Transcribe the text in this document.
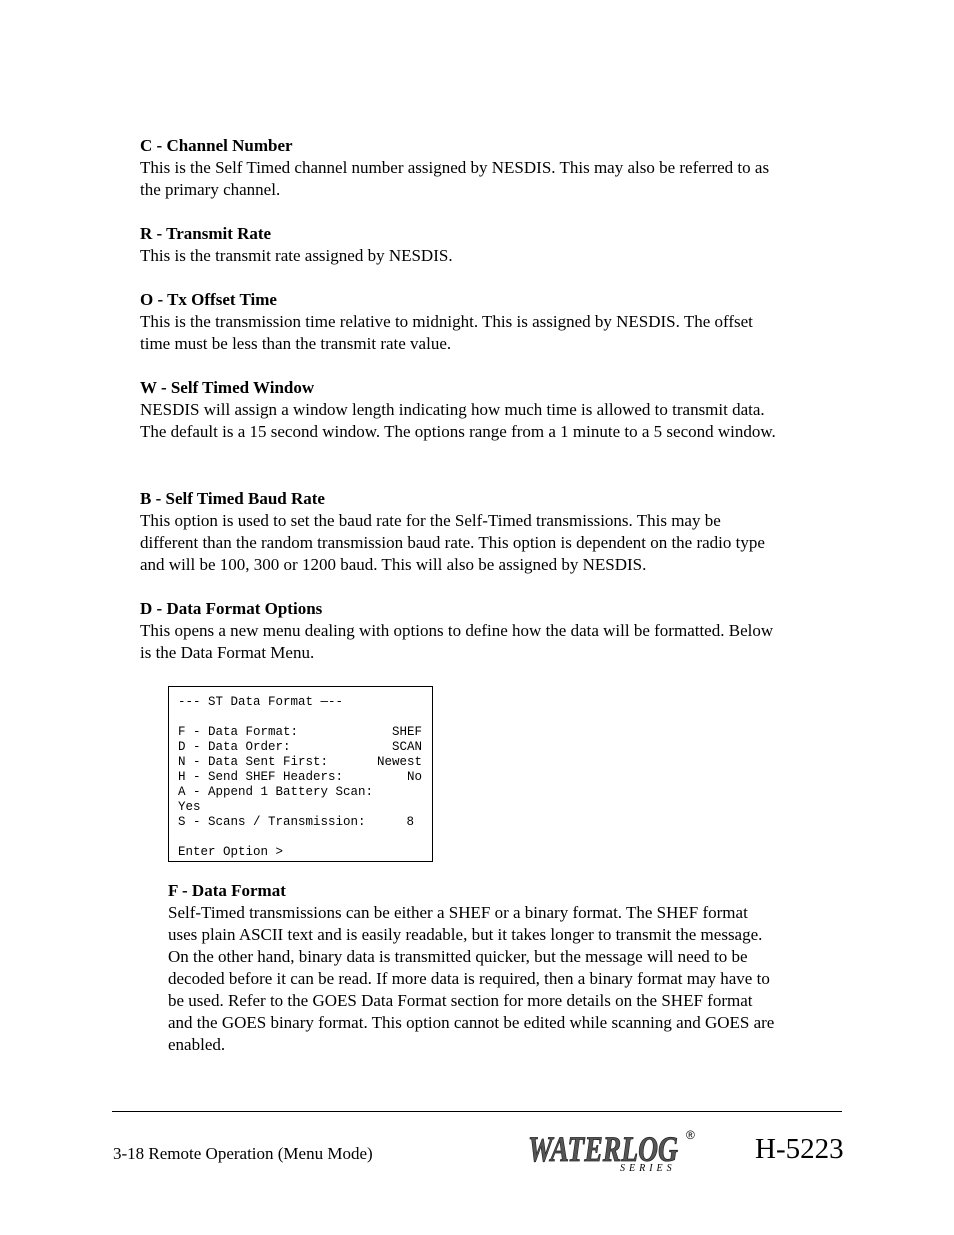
C - Channel Number

This is the Self Timed channel number assigned by NESDIS. This may also be referred to as

the primary channel.

R - Transmit Rate

This is the transmit rate assigned by NESDIS.

O - Tx Offset Time

This is the transmission time relative to midnight. This is assigned by NESDIS. The offset

time must be less than the transmit rate value.

W - Self Timed Window

NESDIS will assign a window length indicating how much time is allowed to transmit data.

The default is a 15 second window. The options range from a 1 minute to a 5 second window.

B - Self Timed Baud Rate

This option is used to set the baud rate for the Self-Timed transmissions. This may be

different than the random transmission baud rate. This option is dependent on the radio type

and will be 100, 300 or 1200 baud. This will also be assigned by NESDIS.

D - Data Format Options

This opens a new menu dealing with options to define how the data will be formatted. Below

is the Data Format Menu.

--- ST Data Format —--
F - Data Format:	SHEF
D - Data Order:	SCAN
N - Data Sent First:	Newest
H - Send SHEF Headers:	No
A - Append 1 Battery Scan:
Yes
S - Scans / Transmission:	8
Enter Option >
F - Data Format

Self-Timed transmissions can be either a SHEF or a binary format. The SHEF format

uses plain ASCII text and is easily readable, but it takes longer to transmit the message.

On the other hand, binary data is transmitted quicker, but the message will need to be

decoded before it can be read. If more data is required, then a binary format may have to

be used. Refer to the GOES Data Format section for more details on the SHEF format

and the GOES binary format. This option cannot be edited while scanning and GOES are

enabled.

3-18 Remote Operation (Menu Mode)	WATERLOG ®
SERIES
H-5223
